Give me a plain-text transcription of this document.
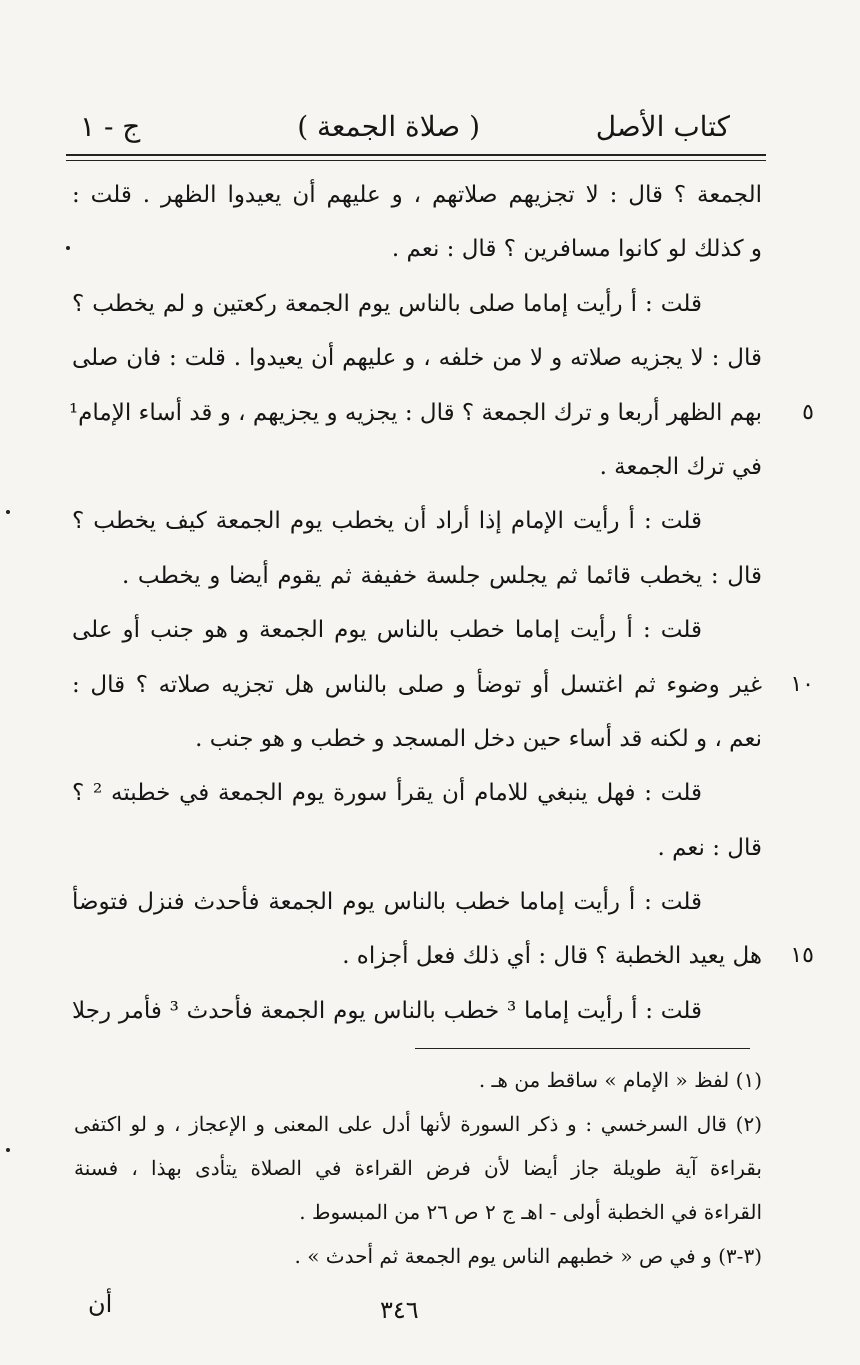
كتاب الأصل
( صلاة الجمعة )
ج - ١
الجمعة ؟ قال : لا تجزيهم صلاتهم ، و عليهم أن يعيدوا الظهر . قلت :
و كذلك لو كانوا مسافرين ؟ قال : نعم .
قلت : أ رأيت إماما صلى بالناس يوم الجمعة ركعتين و لم يخطب ؟
قال : لا يجزيه صلاته و لا من خلفه ، و عليهم أن يعيدوا . قلت : فان صلى
٥
بهم الظهر أربعا و ترك الجمعة ؟ قال : يجزيه و يجزيهم ، و قد أساء الإمام¹
في ترك الجمعة .
قلت : أ رأيت الإمام إذا أراد أن يخطب يوم الجمعة كيف يخطب ؟
قال : يخطب قائما ثم يجلس جلسة خفيفة ثم يقوم أيضا و يخطب .
قلت : أ رأيت إماما خطب بالناس يوم الجمعة و هو جنب أو على
١٠
غير وضوء ثم اغتسل أو توضأ و صلى بالناس هل تجزيه صلاته ؟ قال :
نعم ، و لكنه قد أساء حين دخل المسجد و خطب و هو جنب .
قلت : فهل ينبغي للامام أن يقرأ سورة يوم الجمعة في خطبته ² ؟
قال : نعم .
قلت : أ رأيت إماما خطب بالناس يوم الجمعة فأحدث فنزل فتوضأ
١٥
هل يعيد الخطبة ؟ قال : أي ذلك فعل أجزاه .
قلت : أ رأيت إماما ³ خطب بالناس يوم الجمعة فأحدث ³ فأمر رجلا
(١) لفظ « الإمام » ساقط من هـ .
(٢) قال السرخسي : و ذكر السورة لأنها أدل على المعنى و الإعجاز ، و لو اكتفى
بقراءة آية طويلة جاز أيضا لأن فرض القراءة في الصلاة يتأدى بهذا ، فسنة
القراءة في الخطبة أولى - اهـ ج ٢ ص ٢٦ من المبسوط .
(٣-٣) و في ص « خطبهم الناس يوم الجمعة ثم أحدث » .
أن	٣٤٦
